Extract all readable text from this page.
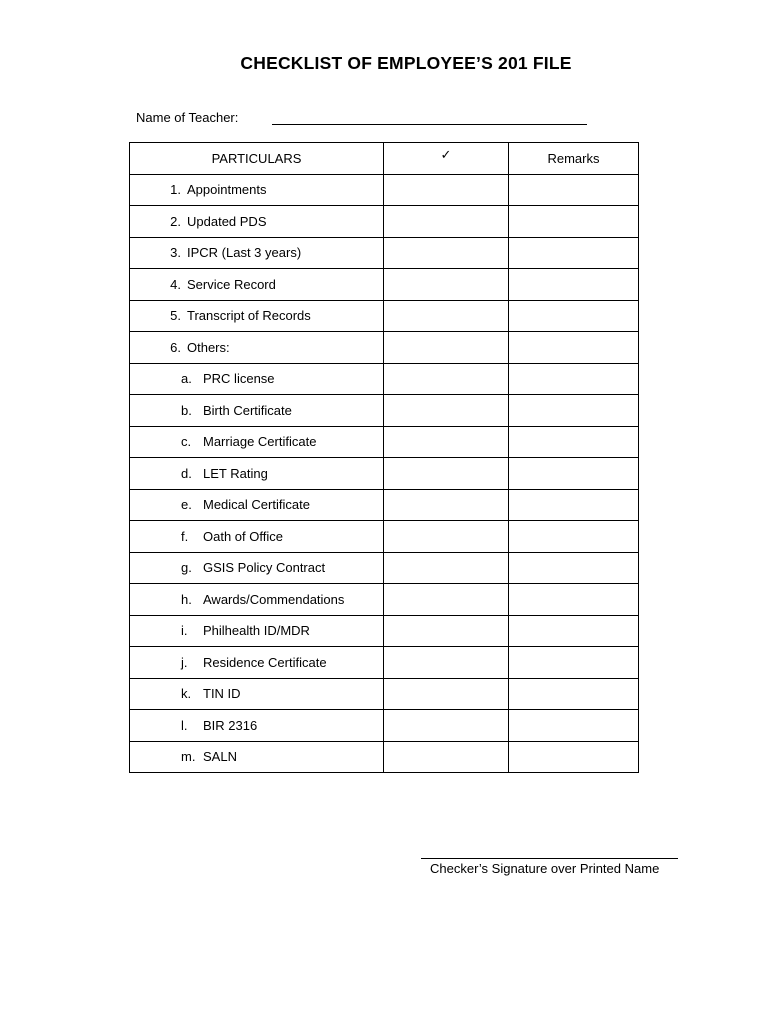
CHECKLIST OF EMPLOYEE’S 201 FILE
Name of Teacher:
PARTICULARS	✓	Remarks
1. Appointments		
2. Updated PDS		
3. IPCR (Last 3 years)		
4. Service Record		
5. Transcript of Records		
6. Others:		
a. PRC license		
b. Birth Certificate		
c. Marriage Certificate		
d. LET Rating		
e. Medical Certificate		
f. Oath of Office		
g. GSIS Policy Contract		
h. Awards/Commendations		
i. Philhealth ID/MDR		
j. Residence Certificate		
k. TIN ID		
l. BIR 2316		
m. SALN		
Checker’s Signature over Printed Name
